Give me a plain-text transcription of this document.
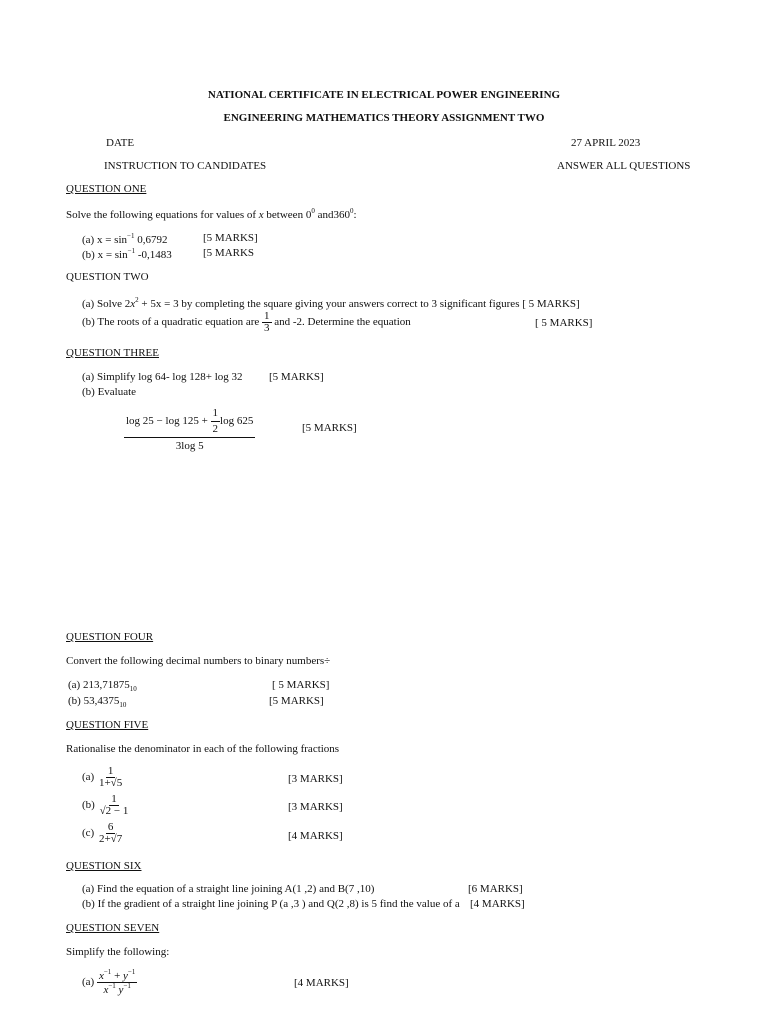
NATIONAL CERTIFICATE IN ELECTRICAL POWER ENGINEERING
ENGINEERING MATHEMATICS THEORY ASSIGNMENT TWO
DATE	27 APRIL 2023
INSTRUCTION TO CANDIDATES	ANSWER ALL QUESTIONS
QUESTION ONE
Solve the following equations for values of x between $0^0$ $and360^0$:
(a) $x = \sin^{-1} 0,6792$	[5 MARKS]
(b) $x = \sin^{-1} -0,1483$	[5 MARKS
QUESTION TWO
(a) Solve $2x^2 + 5x = 3$ by completing the square giving your answers correct to 3 significant figures [ 5 MARKS]
(b) The roots of a quadratic equation are $\frac{1}{3}$ and -2. Determine the equation	[ 5 MARKS]
QUESTION THREE
(a) Simplify log 64- log 128+ log 32 [5 MARKS]
(b) Evaluate
$\frac{\log 25 - \log 125 + \frac{1}{2} \log 625}{3\log 5}$	[5 MARKS]
QUESTION FOUR
Convert the following decimal numbers to binary numbers÷
(a) $213,71875_{10}$	[ 5 MARKS]
(b) $53,4375_{10}$	[5 MARKS]
QUESTION FIVE
Rationalise the denominator in each of the following fractions
$(a) \frac{1}{1+√5}$	[3 MARKS]
$(b) \frac{1}{√2 - 1}$	[3 MARKS]
$(c) \frac{6}{2+√7}$	[4 MARKS]
QUESTION SIX
(a) Find the equation of a straight line joining A(1 ,2) and B(7 ,10)	[6 MARKS]
(b) If the gradient of a straight line joining P (a ,3 ) and Q(2 ,8) is 5 find the value of a [4 MARKS]
QUESTION SEVEN
Simplify the following:
$(a) \frac{x^{-1} + y^{-1}}{x^{-1} y^{-1}}$	[4 MARKS]
